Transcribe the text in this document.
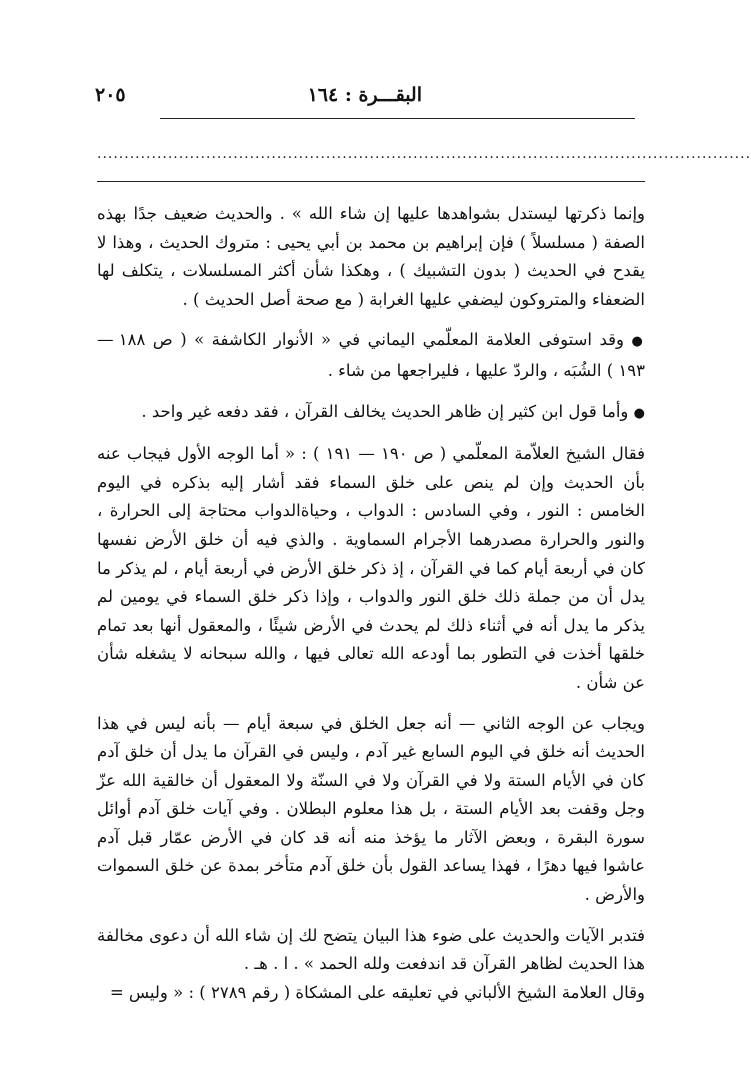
البقـــرة : ١٦٤
٢٠٥
........................................................................................................................

وإنما ذكرتها ليستدل بشواهدها عليها إن شاء الله » . والحديث ضعيف جدًا بهذه الصفة ( مسلسلاً ) فإن إبراهيم بن محمد بن أبي يحيى : متروك الحديث ، وهذا لا يقدح في الحديث ( بدون التشبيك ) ، وهكذا شأن أكثر المسلسلات ، يتكلف لها الضعفاء والمتروكون ليضفي عليها الغرابة ( مع صحة أصل الحديث ) .

● وقد استوفى العلامة المعلّمي اليماني في « الأنوار الكاشفة » ( ص ١٨٨ — ١٩٣ ) الشُبَه ، والردّ عليها ، فليراجعها من شاء .

● وأما قول ابن كثير إن ظاهر الحديث يخالف القرآن ، فقد دفعه غير واحد .

فقال الشيخ العلاّمة المعلّمي ( ص ١٩٠ — ١٩١ ) : « أما الوجه الأول فيجاب عنه بأن الحديث وإن لم ينص على خلق السماء فقد أشار إليه بذكره في اليوم الخامس : النور ، وفي السادس : الدواب ، وحياةالدواب محتاجة إلى الحرارة ، والنور والحرارة مصدرهما الأجرام السماوية . والذي فيه أن خلق الأرض نفسها كان في أربعة أيام كما في القرآن ، إذ ذكر خلق الأرض في أربعة أيام ، لم يذكر ما يدل أن من جملة ذلك خلق النور والدواب ، وإذا ذكر خلق السماء في يومين لم يذكر ما يدل أنه في أثناء ذلك لم يحدث في الأرض شيئًا ، والمعقول أنها بعد تمام خلقها أخذت في التطور بما أودعه الله تعالى فيها ، والله سبحانه لا يشغله شأن عن شأن .

ويجاب عن الوجه الثاني — أنه جعل الخلق في سبعة أيام — بأنه ليس في هذا الحديث أنه خلق في اليوم السابع غير آدم ، وليس في القرآن ما يدل أن خلق آدم كان في الأيام الستة ولا في القرآن ولا في السنّة ولا المعقول أن خالقية الله عزّ وجل وقفت بعد الأيام الستة ، بل هذا معلوم البطلان . وفي آيات خلق آدم أوائل سورة البقرة ، وبعض الآثار ما يؤخذ منه أنه قد كان في الأرض عمّار قبل آدم عاشوا فيها دهرًا ، فهذا يساعد القول بأن خلق آدم متأخر بمدة عن خلق السموات والأرض .

فتدبر الآيات والحديث على ضوء هذا البيان يتضح لك إن شاء الله أن دعوى مخالفة هذا الحديث لظاهر القرآن قد اندفعت ولله الحمد » . ا . هـ .

وقال العلامة الشيخ الألباني في تعليقه على المشكاة ( رقم ٢٧٨٩ ) : « وليس =
